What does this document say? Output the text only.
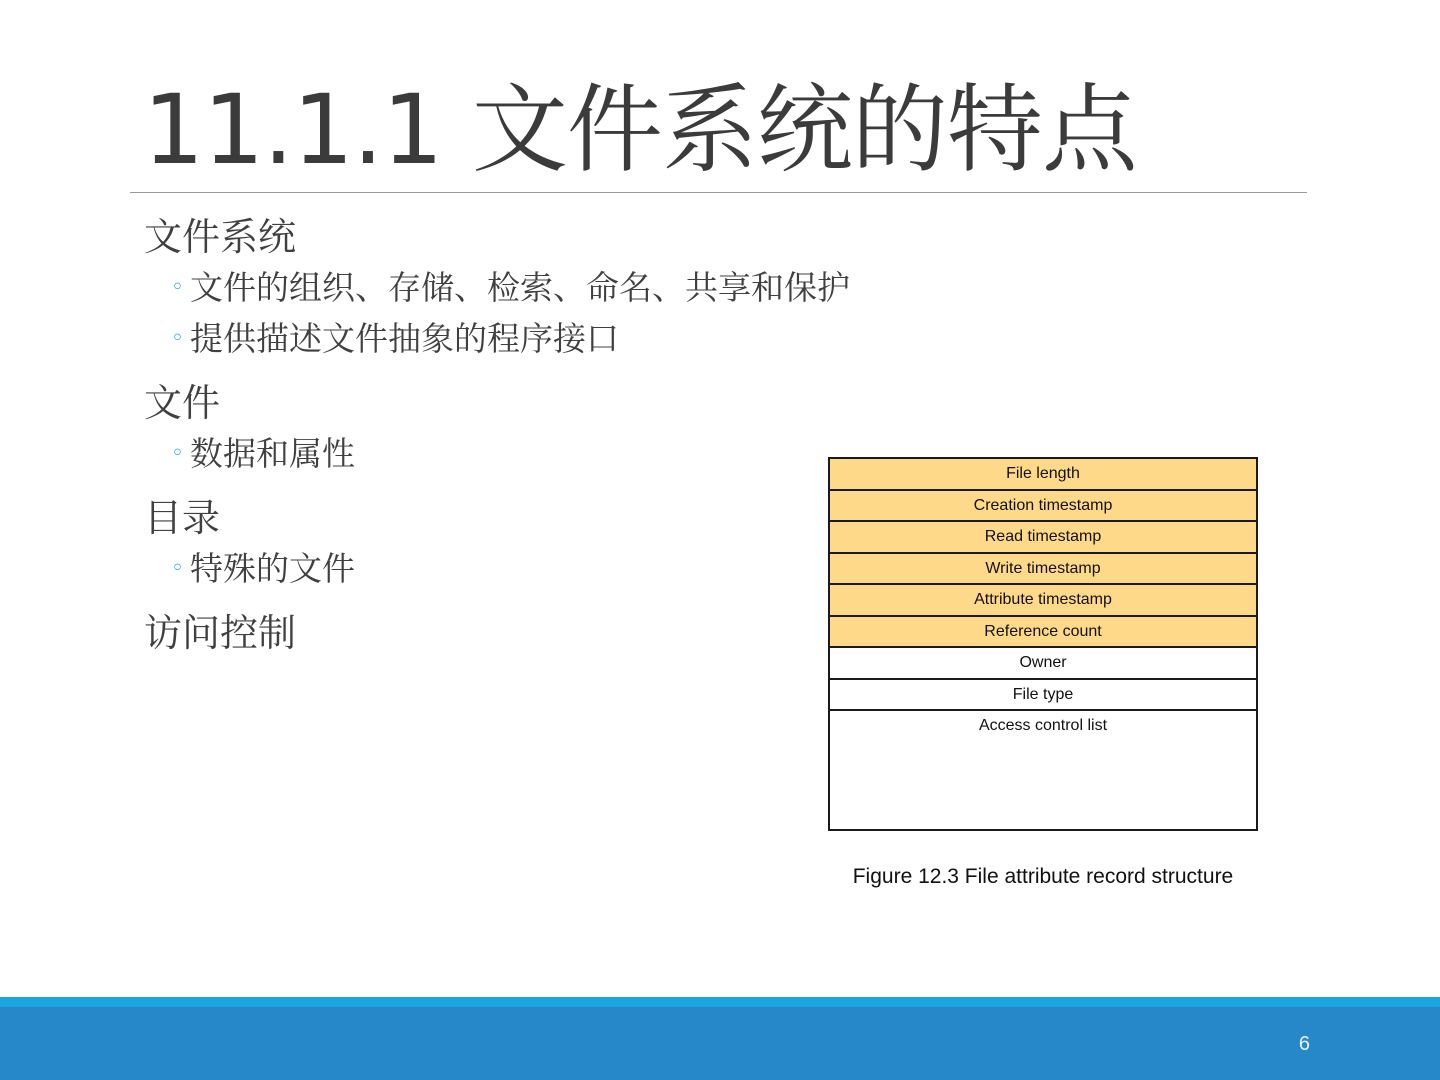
11.1.1 文件系统的特点
文件系统
◦ 文件的组织、存储、检索、命名、共享和保护
◦ 提供描述文件抽象的程序接口
文件
◦ 数据和属性
目录
◦ 特殊的文件
访问控制
File length
Creation timestamp
Read timestamp
Write timestamp
Attribute timestamp
Reference count
Owner
File type
Access control list
Figure 12.3 File attribute record structure
6
